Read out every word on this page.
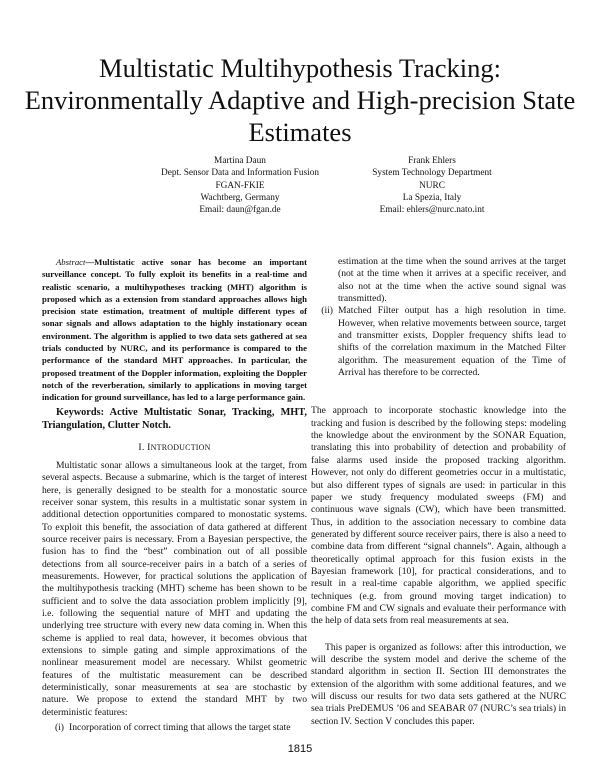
Multistatic Multihypothesis Tracking:
Environmentally Adaptive and High-precision State
Estimates
Martina Daun
Dept. Sensor Data and Information Fusion
FGAN-FKIE
Wachtberg, Germany
Email: daun@fgan.de
Frank Ehlers
System Technology Department
NURC
La Spezia, Italy
Email: ehlers@nurc.nato.int

Abstract—Multistatic active sonar has become an important surveillance concept. To fully exploit its benefits in a real-time and realistic scenario, a multihypotheses tracking (MHT) algorithm is proposed which as a extension from standard approaches allows high precision state estimation, treatment of multiple different types of sonar signals and allows adaptation to the highly instationary ocean environment. The algorithm is applied to two data sets gathered at sea trials conducted by NURC, and its performance is compared to the performance of the standard MHT approaches. In particular, the proposed treatment of the Doppler information, exploiting the Doppler notch of the reverberation, similarly to applications in moving target indication for ground surveillance, has led to a large performance gain.

Keywords: Active Multistatic Sonar, Tracking, MHT, Triangulation, Clutter Notch.

I. INTRODUCTION

Multistatic sonar allows a simultaneous look at the target, from several aspects. Because a submarine, which is the target of interest here, is generally designed to be stealth for a monostatic source receiver sonar system, this results in a multistatic sonar system in additional detection opportunities compared to monostatic systems. To exploit this benefit, the association of data gathered at different source receiver pairs is necessary. From a Bayesian perspective, the fusion has to find the “best” combination out of all possible detections from all source-receiver pairs in a batch of a series of measurements. However, for practical solutions the application of the multihypothesis tracking (MHT) scheme has been shown to be sufficient and to solve the data association problem implicitly [9], i.e. following the sequential nature of MHT and updating the underlying tree structure with every new data coming in. When this scheme is applied to real data, however, it becomes obvious that extensions to simple gating and simple approximations of the nonlinear measurement model are necessary. Whilst geometric features of the multistatic measurement can be described deterministically, sonar measurements at sea are stochastic by nature. We propose to extend the standard MHT by two deterministic features:

(i) Incorporation of correct timing that allows the target state

estimation at the time when the sound arrives at the target (not at the time when it arrives at a specific receiver, and also not at the time when the active sound signal was transmitted).

(ii) Matched Filter output has a high resolution in time. However, when relative movements between source, target and transmitter exists, Doppler frequency shifts lead to shifts of the correlation maximum in the Matched Filter algorithm. The measurement equation of the Time of Arrival has therefore to be corrected.

The approach to incorporate stochastic knowledge into the tracking and fusion is described by the following steps: modeling the knowledge about the environment by the SONAR Equation, translating this into probability of detection and probability of false alarms used inside the proposed tracking algorithm. However, not only do different geometries occur in a multistatic, but also different types of signals are used: in particular in this paper we study frequency modulated sweeps (FM) and continuous wave signals (CW), which have been transmitted. Thus, in addition to the association necessary to combine data generated by different source receiver pairs, there is also a need to combine data from different “signal channels”. Again, although a theoretically optimal approach for this fusion exists in the Bayesian framework [10], for practical considerations, and to result in a real-time capable algorithm, we applied specific techniques (e.g. from ground moving target indication) to combine FM and CW signals and evaluate their performance with the help of data sets from real measurements at sea.

This paper is organized as follows: after this introduction, we will describe the system model and derive the scheme of the standard algorithm in section II. Section III demonstrates the extension of the algorithm with some additional features, and we will discuss our results for two data sets gathered at the NURC sea trials PreDEMUS ’06 and SEABAR 07 (NURC’s sea trials) in section IV. Section V concludes this paper.

1815
